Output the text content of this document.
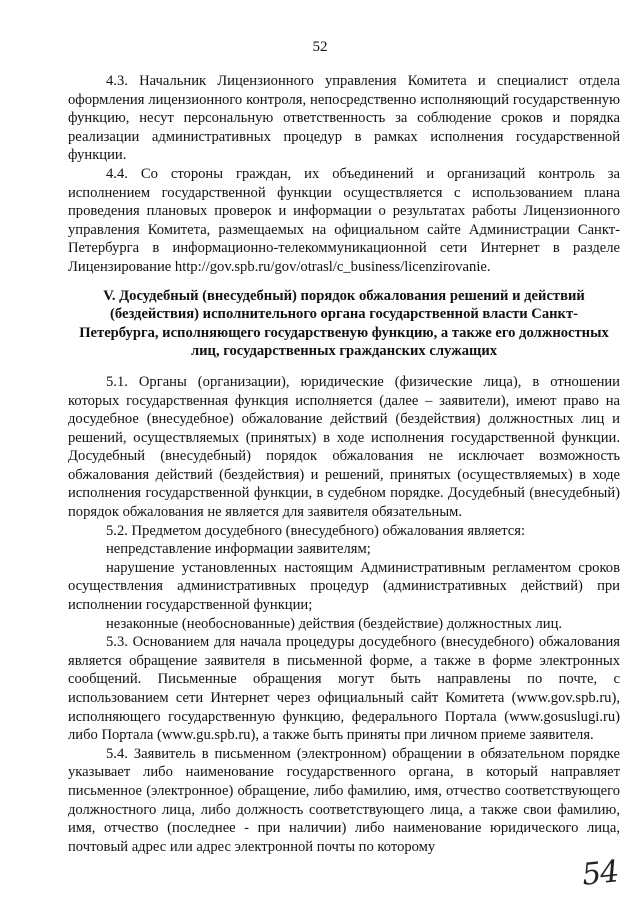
52

4.3. Начальник Лицензионного управления Комитета и специалист отдела оформления лицензионного контроля, непосредственно исполняющий государственную функцию, несут персональную ответственность за соблюдение сроков и порядка реализации административных процедур в рамках исполнения государственной функции.

4.4. Со стороны граждан, их объединений и организаций контроль за исполнением государственной функции осуществляется с использованием плана проведения плановых проверок и информации о результатах работы Лицензионного управления Комитета, размещаемых на официальном сайте Администрации Санкт-Петербурга в информационно-телекоммуникационной сети Интернет в разделе Лицензирование http://gov.spb.ru/gov/otrasl/c_business/licenzirovanie.

V. Досудебный (внесудебный) порядок обжалования решений и действий (бездействия) исполнительного органа государственной власти Санкт-Петербурга, исполняющего государственую функцию, а также его должностных лиц, государственных гражданских служащих

5.1. Органы (организации), юридические (физические лица), в отношении которых государственная функция исполняется (далее – заявители), имеют право на досудебное (внесудебное) обжалование действий (бездействия) должностных лиц и решений, осуществляемых (принятых) в ходе исполнения государственной функции. Досудебный (внесудебный) порядок обжалования не исключает возможность обжалования действий (бездействия) и решений, принятых (осуществляемых) в ходе исполнения государственной функции, в судебном порядке. Досудебный (внесудебный) порядок обжалования не является для заявителя обязательным.

5.2. Предметом досудебного (внесудебного) обжалования является:

непредставление информации заявителям;

нарушение установленных настоящим Административным регламентом сроков осуществления административных процедур (административных действий) при исполнении государственной функции;

незаконные (необоснованные) действия (бездействие) должностных лиц.

5.3. Основанием для начала процедуры досудебного (внесудебного) обжалования является обращение заявителя в письменной форме, а также в форме электронных сообщений. Письменные обращения могут быть направлены по почте, с использованием сети Интернет через официальный сайт Комитета (www.gov.spb.ru), исполняющего государственную функцию, федерального Портала (www.gosuslugi.ru) либо Портала (www.gu.spb.ru), а также быть приняты при личном приеме заявителя.

5.4. Заявитель в письменном (электронном) обращении в обязательном порядке указывает либо наименование государственного органа, в который направляет письменное (электронное) обращение, либо фамилию, имя, отчество соответствующего должностного лица, либо должность соответствующего лица, а также свои фамилию, имя, отчество (последнее - при наличии) либо наименование юридического лица, почтовый адрес или адрес электронной почты по которому

54
